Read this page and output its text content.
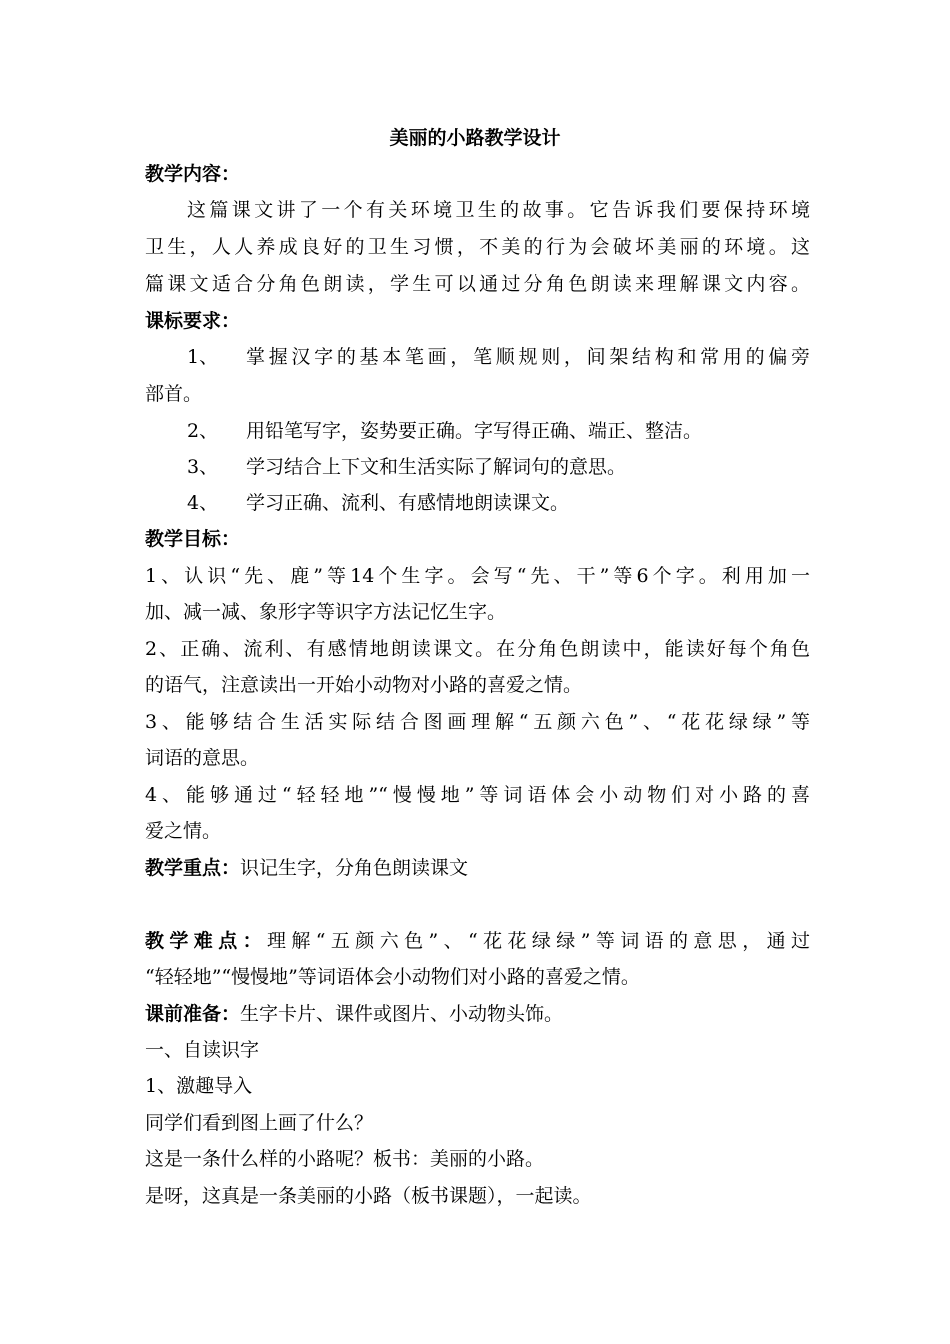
美丽的小路教学设计
教学内容：
这篇课文讲了一个有关环境卫生的故事。它告诉我们要保持环境
卫生，人人养成良好的卫生习惯，不美的行为会破坏美丽的环境。这
篇课文适合分角色朗读，学生可以通过分角色朗读来理解课文内容。
课标要求：
1、 掌握汉字的基本笔画，笔顺规则，间架结构和常用的偏旁
部首。
2、 用铅笔写字，姿势要正确。字写得正确、端正、整洁。
3、 学习结合上下文和生活实际了解词句的意思。
4、 学习正确、流利、有感情地朗读课文。
教学目标：
1、认识“先、鹿”等14个生字。会写“先、干”等6个字。利用加一
加、减一减、象形字等识字方法记忆生字。
2、正确、流利、有感情地朗读课文。在分角色朗读中，能读好每个角色
的语气，注意读出一开始小动物对小路的喜爱之情。
3、能够结合生活实际结合图画理解“五颜六色”、“花花绿绿”等
词语的意思。
4、能够通过“轻轻地”“慢慢地”等词语体会小动物们对小路的喜
爱之情。
教学重点：识记生字，分角色朗读课文
教学难点：理解“五颜六色”、“花花绿绿”等词语的意思，通过
“轻轻地”“慢慢地”等词语体会小动物们对小路的喜爱之情。
课前准备：生字卡片、课件或图片、小动物头饰。
一、自读识字
1、激趣导入
同学们看到图上画了什么？
这是一条什么样的小路呢？板书：美丽的小路。
是呀，这真是一条美丽的小路（板书课题），一起读。
